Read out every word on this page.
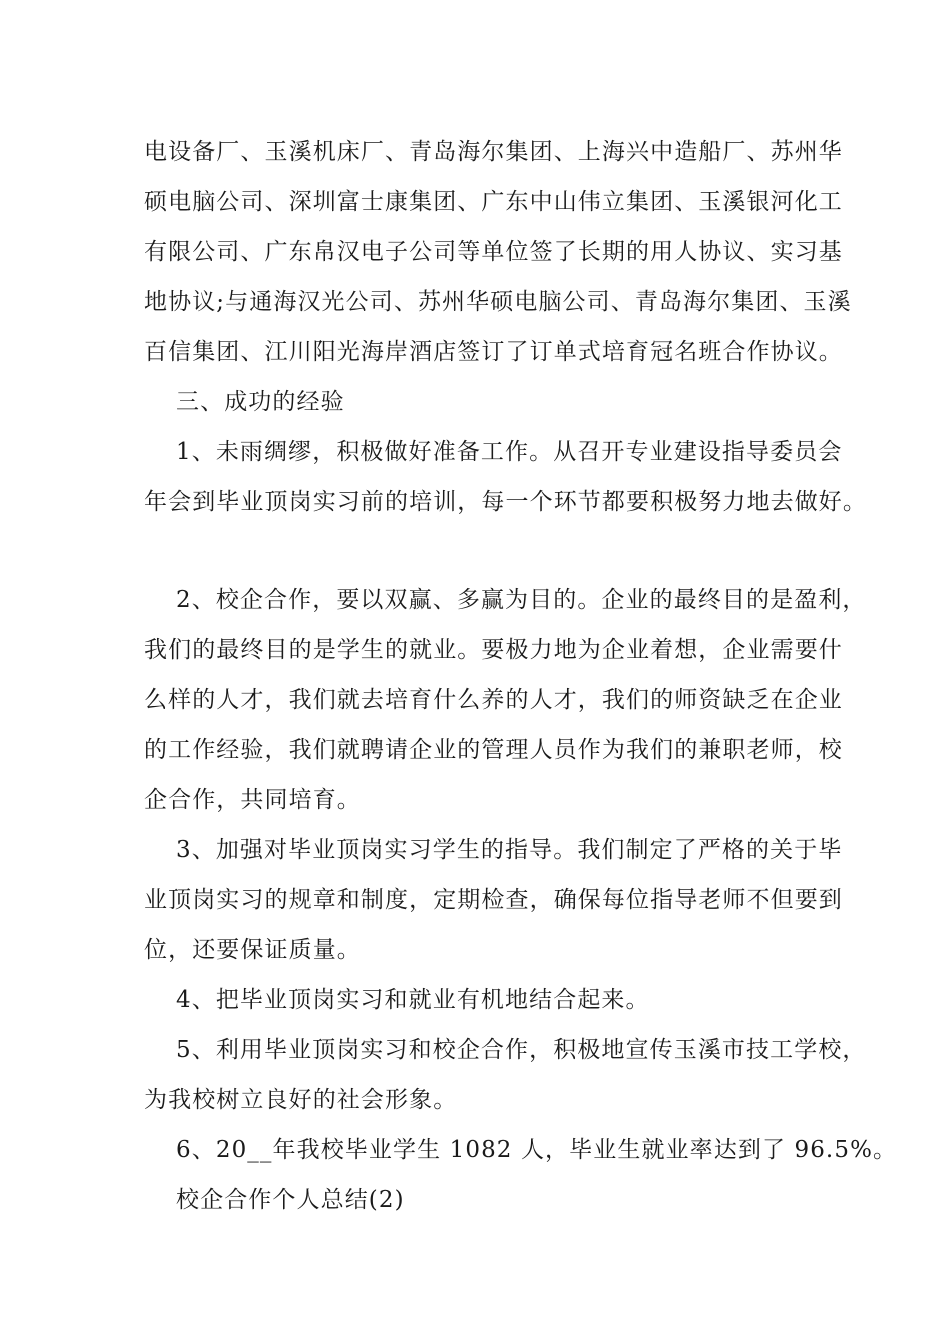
电设备厂、玉溪机床厂、青岛海尔集团、上海兴中造船厂、苏州华

硕电脑公司、深圳富士康集团、广东中山伟立集团、玉溪银河化工

有限公司、广东帛汉电子公司等单位签了长期的用人协议、实习基

地协议;与通海汉光公司、苏州华硕电脑公司、青岛海尔集团、玉溪

百信集团、江川阳光海岸酒店签订了订单式培育冠名班合作协议。

三、成功的经验

1、未雨绸缪，积极做好准备工作。从召开专业建设指导委员会

年会到毕业顶岗实习前的培训，每一个环节都要积极努力地去做好。

2、校企合作，要以双赢、多赢为目的。企业的最终目的是盈利，

我们的最终目的是学生的就业。要极力地为企业着想，企业需要什

么样的人才，我们就去培育什么养的人才，我们的师资缺乏在企业

的工作经验，我们就聘请企业的管理人员作为我们的兼职老师，校

企合作，共同培育。

3、加强对毕业顶岗实习学生的指导。我们制定了严格的关于毕

业顶岗实习的规章和制度，定期检查，确保每位指导老师不但要到

位，还要保证质量。

4、把毕业顶岗实习和就业有机地结合起来。

5、利用毕业顶岗实习和校企合作，积极地宣传玉溪市技工学校，

为我校树立良好的社会形象。

6、20__年我校毕业学生 1082 人，毕业生就业率达到了 96.5%。

校企合作个人总结(2)
